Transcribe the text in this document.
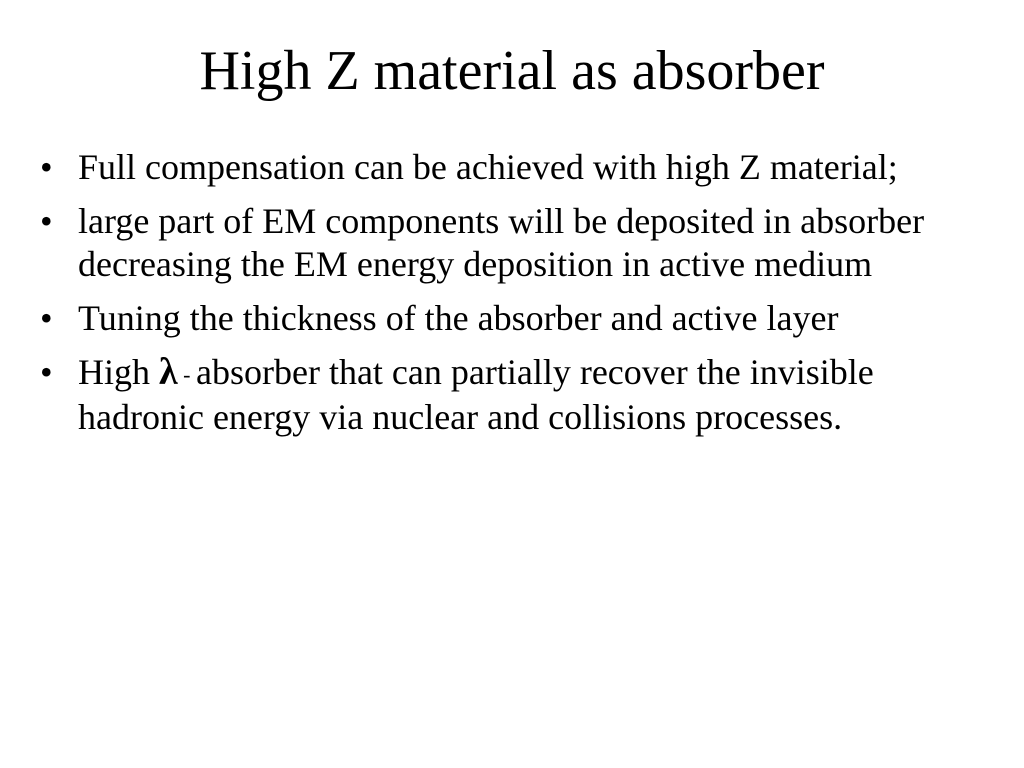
High Z material as absorber
• Full compensation can be achieved with high Z material;
• large part of EM components will be deposited in absorber decreasing the EM energy deposition in active medium
• Tuning the thickness of the absorber and active layer
• High λ - absorber that can partially recover the invisible hadronic energy via nuclear and collisions processes.
